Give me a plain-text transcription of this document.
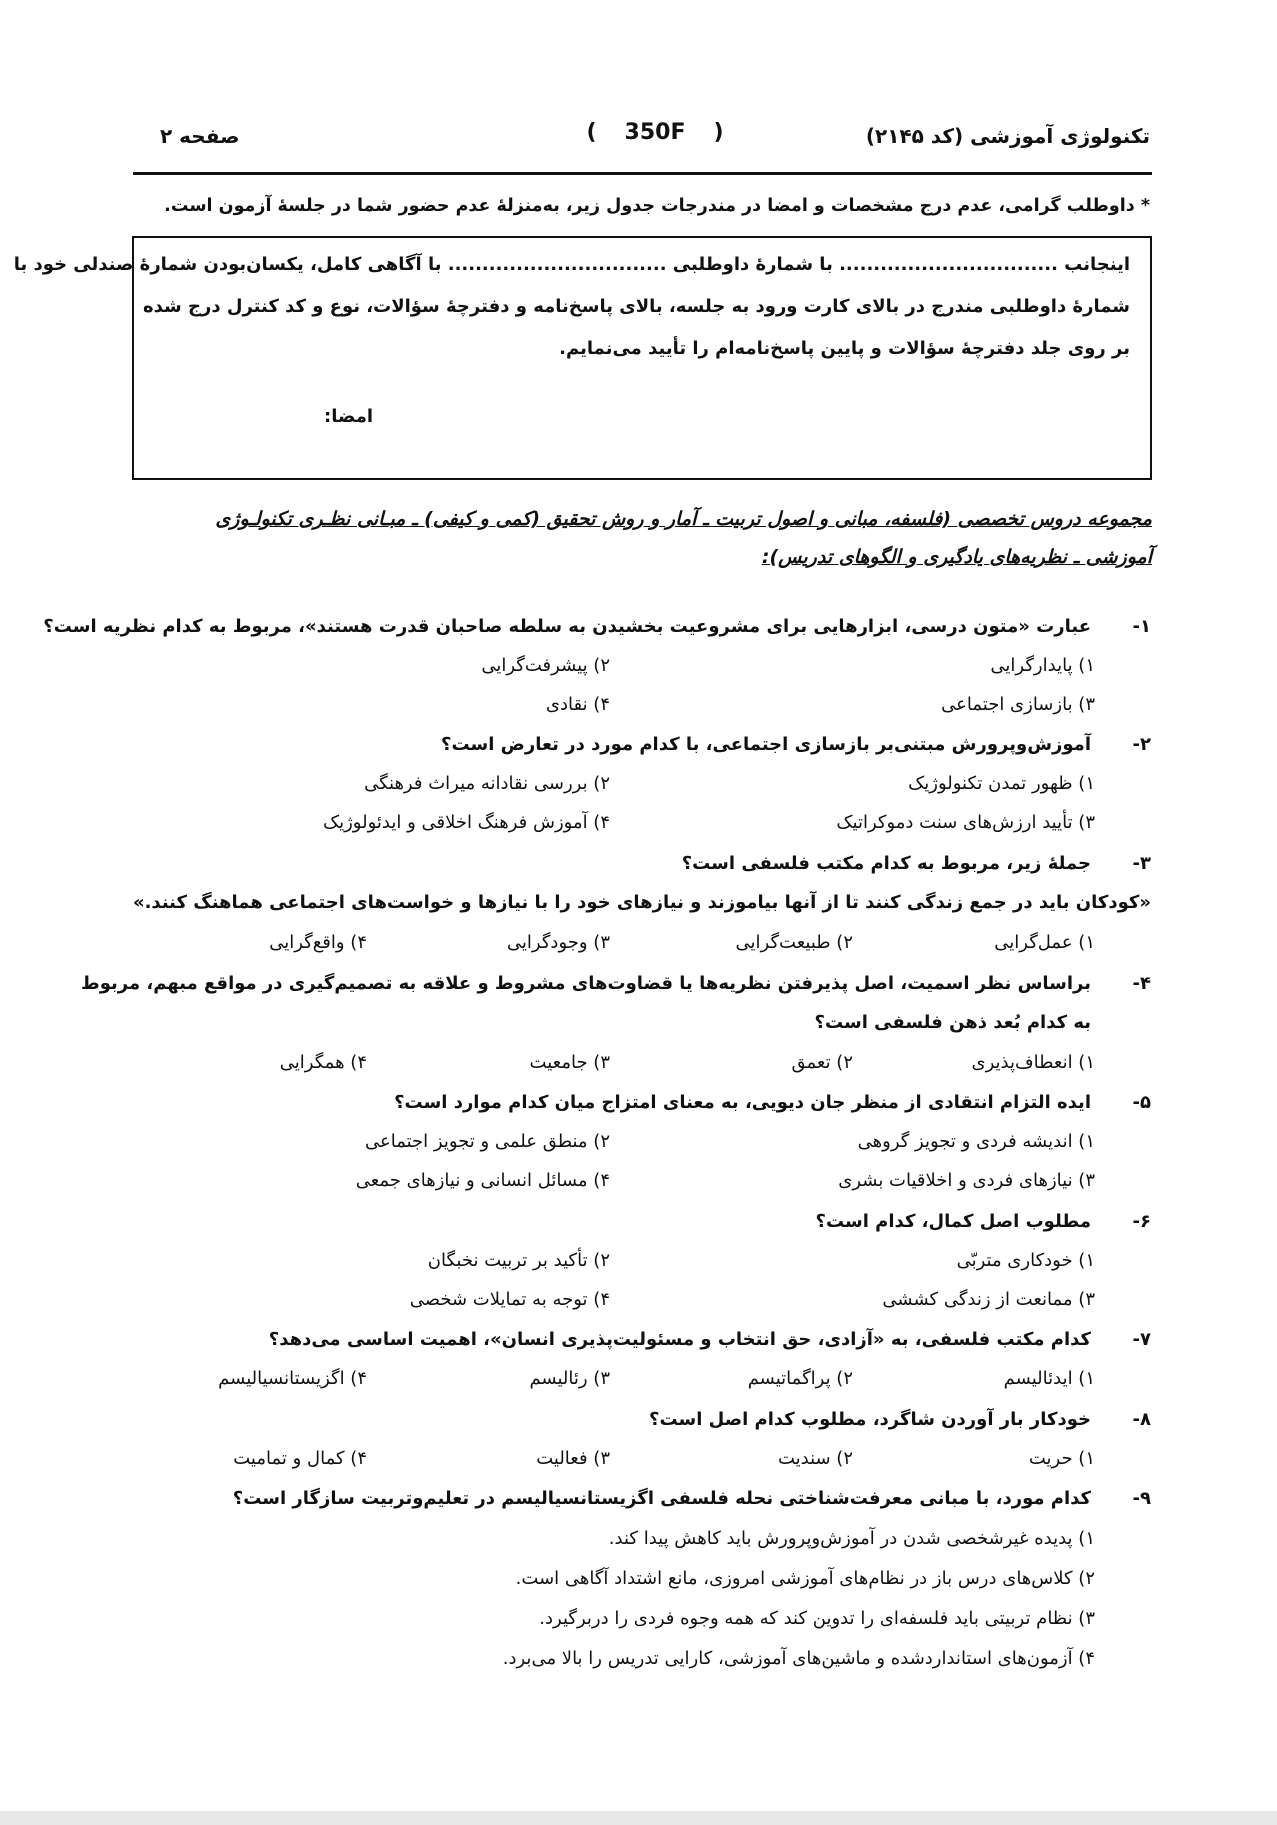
تکنولوژی آموزشی (کد ۲۱۴۵)
( 350F )
صفحه ۲
* داوطلب گرامی، عدم درج مشخصات و امضا در مندرجات جدول زیر، به‌منزلهٔ عدم حضور شما در جلسهٔ آزمون است.
اینجانب ................................ با شمارهٔ داوطلبی ................................ با آگاهی کامل، یکسان‌بودن شمارهٔ صندلی خود با
شمارهٔ داوطلبی مندرج در بالای کارت ورود به جلسه، بالای پاسخ‌نامه و دفترچهٔ سؤالات، نوع و کد کنترل درج شده
بر روی جلد دفترچهٔ سؤالات و پایین پاسخ‌نامه‌ام را تأیید می‌نمایم.
امضا:
مجموعه دروس تخصصی (فلسفه، مبانی و اصول تربیت ـ آمار و روش تحقیق (کمی و کیفی) ـ مبـانی نظـری تکنولـوژی
آموزشی ـ نظریه‌های یادگیری و الگوهای تدریس):
۱-
عبارت «متون درسی، ابزارهایی برای مشروعیت بخشیدن به سلطه صاحبان قدرت هستند»، مربوط به کدام نظریه است؟
۱) پایدارگرایی
۲) پیشرفت‌گرایی
۳) بازسازی اجتماعی
۴) نقادی
۲-
آموزش‌وپرورش مبتنی‌بر بازسازی اجتماعی، با کدام مورد در تعارض است؟
۱) ظهور تمدن تکنولوژیک
۲) بررسی نقادانه میراث فرهنگی
۳) تأیید ارزش‌های سنت دموکراتیک
۴) آموزش فرهنگ اخلاقی و ایدئولوژیک
۳-
جملهٔ زیر، مربوط به کدام مکتب فلسفی است؟
«کودکان باید در جمع زندگی کنند تا از آنها بیاموزند و نیازهای خود را با نیازها و خواست‌های اجتماعی هماهنگ کنند.»
۱) عمل‌گرایی
۲) طبیعت‌گرایی
۳) وجودگرایی
۴) واقع‌گرایی
۴-
براساس نظر اسمیت، اصل پذیرفتن نظریه‌ها یا قضاوت‌های مشروط و علاقه به تصمیم‌گیری در مواقع مبهم، مربوط
به کدام بُعد ذهن فلسفی است؟
۱) انعطاف‌پذیری
۲) تعمق
۳) جامعیت
۴) همگرایی
۵-
ایده التزام انتقادی از منظر جان دیویی، به معنای امتزاج میان کدام موارد است؟
۱) اندیشه فردی و تجویز گروهی
۲) منطق علمی و تجویز اجتماعی
۳) نیازهای فردی و اخلاقیات بشری
۴) مسائل انسانی و نیازهای جمعی
۶-
مطلوب اصل کمال، کدام است؟
۱) خودکاری متربّی
۲) تأکید بر تربیت نخبگان
۳) ممانعت از زندگی کششی
۴) توجه به تمایلات شخصی
۷-
کدام مکتب فلسفی، به «آزادی، حق انتخاب و مسئولیت‌پذیری انسان»، اهمیت اساسی می‌دهد؟
۱) ایدئالیسم
۲) پراگماتیسم
۳) رئالیسم
۴) اگزیستانسیالیسم
۸-
خودکار بار آوردن شاگرد، مطلوب کدام اصل است؟
۱) حریت
۲) سندیت
۳) فعالیت
۴) کمال و تمامیت
۹-
کدام مورد، با مبانی معرفت‌شناختی نحله فلسفی اگزیستانسیالیسم در تعلیم‌وتربیت سازگار است؟
۱) پدیده غیرشخصی شدن در آموزش‌وپرورش باید کاهش پیدا کند.
۲) کلاس‌های درس باز در نظام‌های آموزشی امروزی، مانع اشتداد آگاهی است.
۳) نظام تربیتی باید فلسفه‌ای را تدوین کند که همه وجوه فردی را دربرگیرد.
۴) آزمون‌های استانداردشده و ماشین‌های آموزشی، کارایی تدریس را بالا می‌برد.
